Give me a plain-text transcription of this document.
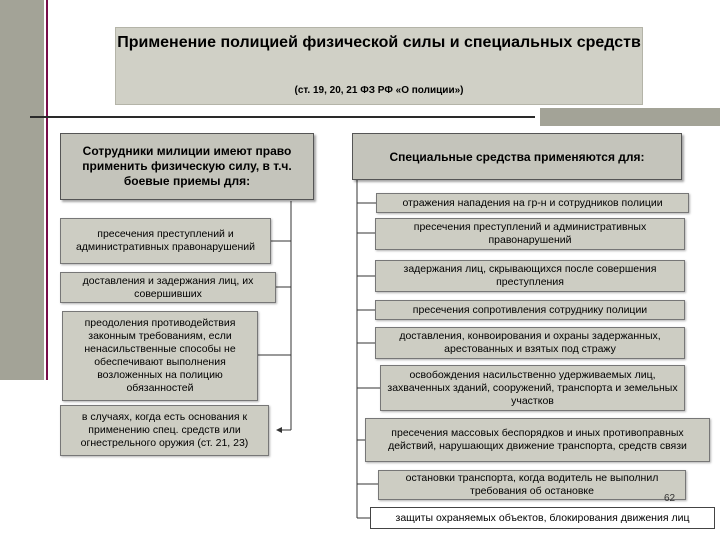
Применение полицией физической силы и специальных средств
(ст. 19, 20, 21 ФЗ РФ «О полиции»)
Сотрудники милиции имеют право применить физическую силу, в т.ч. боевые приемы для:
пресечения преступлений и административных правонарушений
доставления и задержания лиц, их совершивших
преодоления противодействия законным требованиям, если ненасильственные способы не обеспечивают выполнения возложенных на полицию обязанностей
в случаях, когда есть основания к применению спец. средств или огнестрельного оружия (ст. 21, 23)
Специальные средства применяются для:
отражения нападения на гр-н и сотрудников полиции
пресечения преступлений и административных правонарушений
задержания лиц, скрывающихся после совершения преступления
пресечения сопротивления сотруднику полиции
доставления, конвоирования и охраны задержанных, арестованных и взятых под стражу
освобождения насильственно удерживаемых лиц, захваченных зданий, сооружений, транспорта и земельных участков
пресечения массовых беспорядков и иных противоправных действий, нарушающих движение транспорта, средств связи
остановки транспорта, когда водитель не выполнил требования об остановке
защиты охраняемых объектов, блокирования движения лиц
62
